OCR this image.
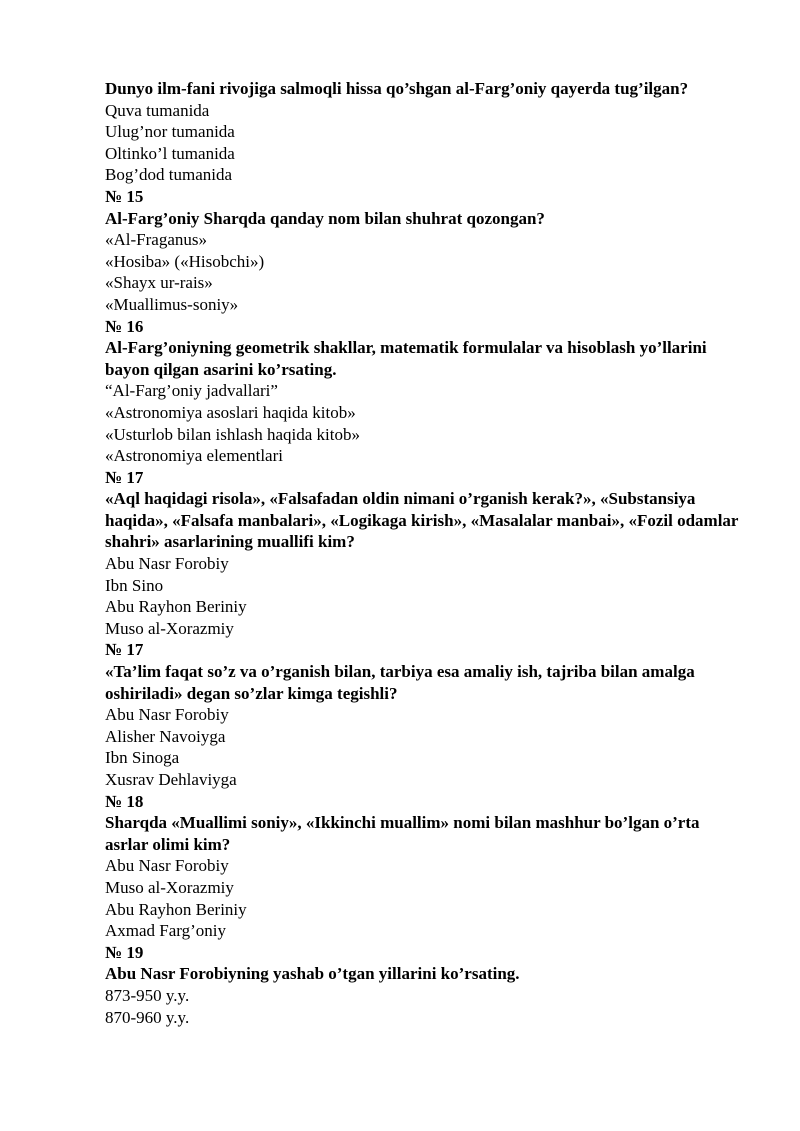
Dunyo ilm-fani rivojiga salmoqli hissa qo’shgan al-Farg’oniy qayerda tug’ilgan?
Quva tumanida
Ulug’nor tumanida
Oltinko’l tumanida
Bog’dod tumanida
№ 15
Al-Farg’oniy Sharqda qanday nom bilan shuhrat qozongan?
«Al-Fraganus»
«Hosiba» («Hisobchi»)
«Shayx ur-rais»
«Muallimus-soniy»
№ 16
Al-Farg’oniyning geometrik shakllar, matematik formulalar va hisoblash yo’llarini bayon qilgan asarini ko’rsating.
“Al-Farg’oniy jadvallari”
«Astronomiya asoslari haqida kitob»
«Usturlob bilan ishlash haqida kitob»
«Astronomiya elementlari
№ 17
«Aql haqidagi risola», «Falsafadan oldin nimani o’rganish kerak?», «Substansiya haqida», «Falsafa manbalari», «Logikaga kirish», «Masalalar manbai», «Fozil odamlar shahri» asarlarining muallifi kim?
Abu Nasr Forobiy
Ibn Sino
Abu Rayhon Beriniy
Muso al-Xorazmiy
№ 17
«Ta’lim faqat so’z va o’rganish bilan, tarbiya esa amaliy ish, tajriba bilan amalga oshiriladi» degan so’zlar kimga tegishli?
Abu Nasr Forobiy
Alisher Navoiyga
Ibn Sinoga
Xusrav Dehlaviyga
№ 18
Sharqda «Muallimi soniy», «Ikkinchi muallim» nomi bilan mashhur bo’lgan o’rta asrlar olimi kim?
Abu Nasr Forobiy
Muso al-Xorazmiy
Abu Rayhon Beriniy
Axmad Farg’oniy
№ 19
Abu Nasr Forobiyning yashab o’tgan yillarini ko’rsating.
873-950 y.y.
870-960 y.y.
